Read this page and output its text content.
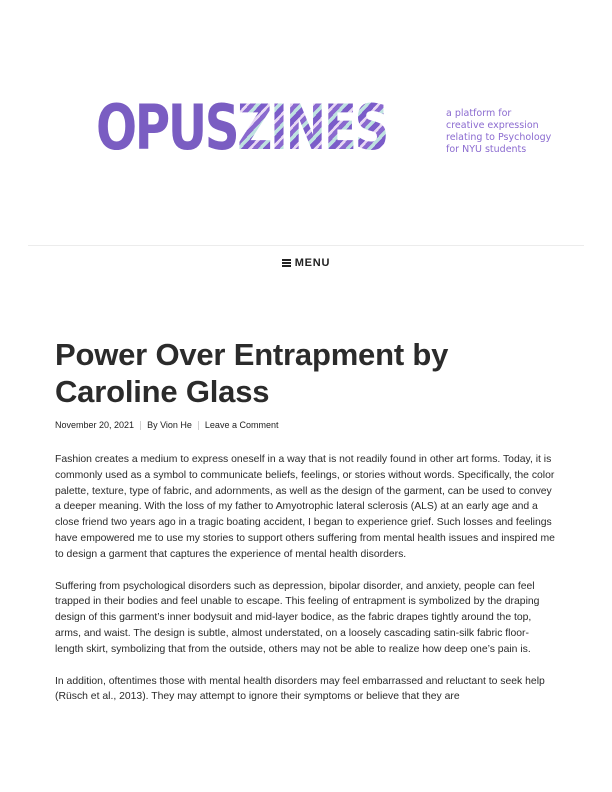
OPUS ZINES	a platform for
creative expression
relating to Psychology
for NYU students
MENU
Power Over Entrapment by
Caroline Glass
November 20, 2021 By Vion He Leave a Comment

Fashion creates a medium to express oneself in a way that is not readily found in other art forms. Today, it is commonly used as a symbol to communicate beliefs, feelings, or stories without words. Specifically, the color palette, texture, type of fabric, and adornments, as well as the design of the garment, can be used to convey a deeper meaning. With the loss of my father to Amyotrophic lateral sclerosis (ALS) at an early age and a close friend two years ago in a tragic boating accident, I began to experience grief. Such losses and feelings have empowered me to use my stories to support others suffering from mental health issues and inspired me to design a garment that captures the experience of mental health disorders.

Suffering from psychological disorders such as depression, bipolar disorder, and anxiety, people can feel trapped in their bodies and feel unable to escape. This feeling of entrapment is symbolized by the draping design of this garment’s inner bodysuit and mid-layer bodice, as the fabric drapes tightly around the top, arms, and waist. The design is subtle, almost understated, on a loosely cascading satin-silk fabric floor-length skirt, symbolizing that from the outside, others may not be able to realize how deep one’s pain is.

In addition, oftentimes those with mental health disorders may feel embarrassed and reluctant to seek help (Rüsch et al., 2013). They may attempt to ignore their symptoms or believe that they are
